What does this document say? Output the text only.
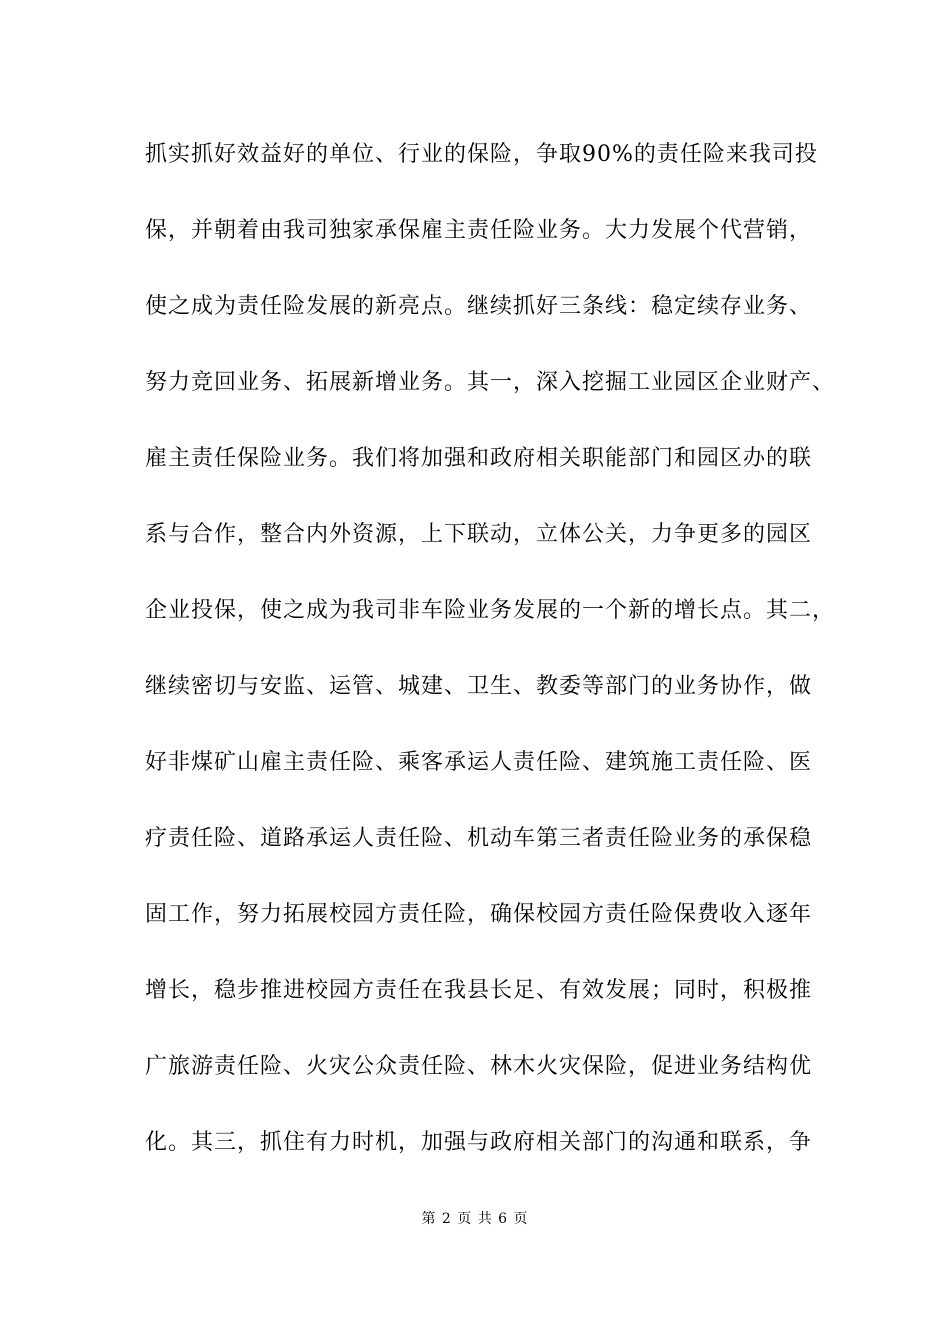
抓实抓好效益好的单位、行业的保险，争取90%的责任险来我司投
保，并朝着由我司独家承保雇主责任险业务。大力发展个代营销，
使之成为责任险发展的新亮点。继续抓好三条线：稳定续存业务、
努力竞回业务、拓展新增业务。其一，深入挖掘工业园区企业财产、
雇主责任保险业务。我们将加强和政府相关职能部门和园区办的联
系与合作，整合内外资源，上下联动，立体公关，力争更多的园区
企业投保，使之成为我司非车险业务发展的一个新的增长点。其二，
继续密切与安监、运管、城建、卫生、教委等部门的业务协作，做
好非煤矿山雇主责任险、乘客承运人责任险、建筑施工责任险、医
疗责任险、道路承运人责任险、机动车第三者责任险业务的承保稳
固工作，努力拓展校园方责任险，确保校园方责任险保费收入逐年
增长，稳步推进校园方责任在我县长足、有效发展；同时，积极推
广旅游责任险、火灾公众责任险、林木火灾保险，促进业务结构优
化。其三，抓住有力时机，加强与政府相关部门的沟通和联系，争
第 2 页 共 6 页
